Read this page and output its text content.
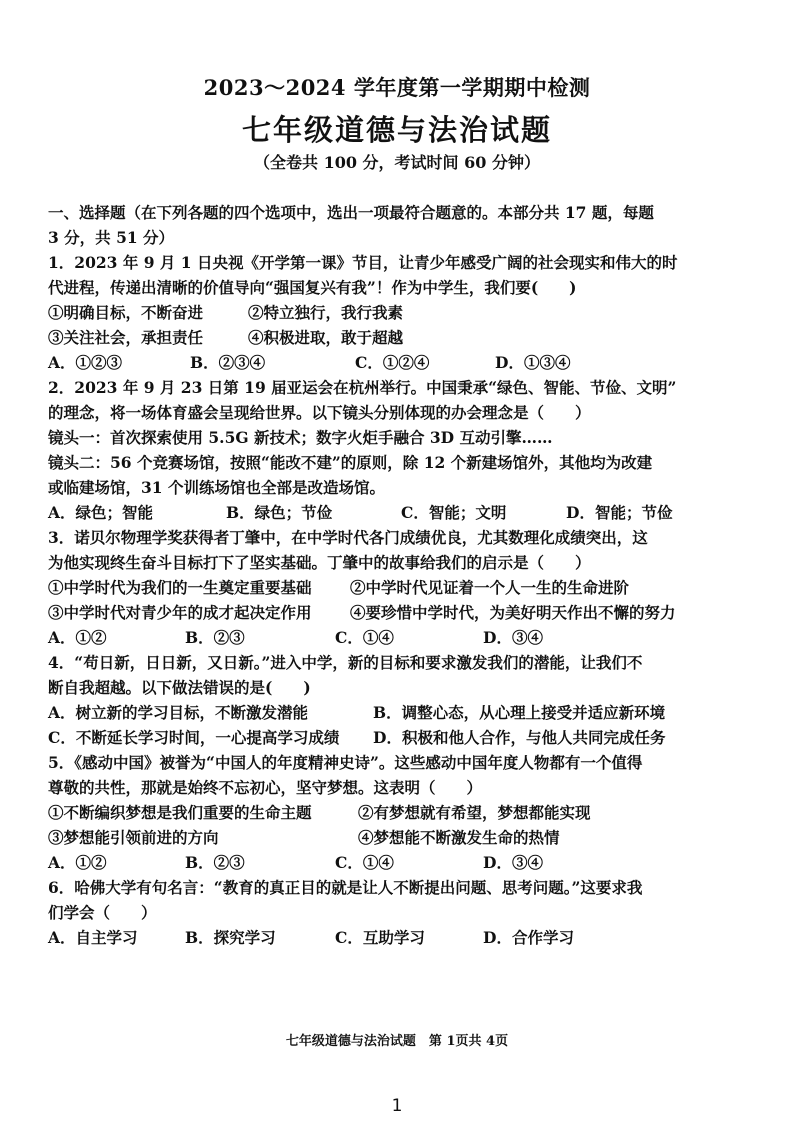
2023～2024 学年度第一学期期中检测
七年级道德与法治试题
（全卷共 100 分，考试时间 60 分钟）
一、选择题（在下列各题的四个选项中，选出一项最符合题意的。本部分共 17 题，每题
3 分，共 51 分）
1．2023 年 9 月 1 日央视《开学第一课》节目，让青少年感受广阔的社会现实和伟大的时
代进程，传递出清晰的价值导向“强国复兴有我”！作为中学生，我们要(　　)
①明确目标，不断奋进	②特立独行，我行我素
③关注社会，承担责任	④积极进取，敢于超越
A．①②③	B．②③④	C．①②④	D．①③④
2．2023 年 9 月 23 日第 19 届亚运会在杭州举行。中国秉承“绿色、智能、节俭、文明”
的理念，将一场体育盛会呈现给世界。以下镜头分别体现的办会理念是（　　）
镜头一：首次探索使用 5.5G 新技术；数字火炬手融合 3D 互动引擎……
镜头二：56 个竞赛场馆，按照“能改不建”的原则，除 12 个新建场馆外，其他均为改建
或临建场馆，31 个训练场馆也全部是改造场馆。
A．绿色；智能	B．绿色；节俭	C．智能；文明	D．智能；节俭
3．诺贝尔物理学奖获得者丁肇中，在中学时代各门成绩优良，尤其数理化成绩突出，这
为他实现终生奋斗目标打下了坚实基础。丁肇中的故事给我们的启示是（　　）
①中学时代为我们的一生奠定重要基础	②中学时代见证着一个人一生的生命进阶
③中学时代对青少年的成才起决定作用	④要珍惜中学时代，为美好明天作出不懈的努力
A．①②	B．②③	C．①④	D．③④
4．“苟日新，日日新，又日新。”进入中学，新的目标和要求激发我们的潜能，让我们不
断自我超越。以下做法错误的是(　　)
A．树立新的学习目标，不断激发潜能	B．调整心态，从心理上接受并适应新环境
C．不断延长学习时间，一心提高学习成绩	D．积极和他人合作，与他人共同完成任务
5．《感动中国》被誉为“中国人的年度精神史诗”。这些感动中国年度人物都有一个值得
尊敬的共性，那就是始终不忘初心，坚守梦想。这表明（　　）
①不断编织梦想是我们重要的生命主题	②有梦想就有希望，梦想都能实现
③梦想能引领前进的方向	④梦想能不断激发生命的热情
A．①②	B．②③	C．①④	D．③④
6．哈佛大学有句名言：“教育的真正目的就是让人不断提出问题、思考问题。”这要求我
们学会（　　）
A．自主学习	B．探究学习	C．互助学习	D．合作学习
七年级道德与法治试题　第 1页共 4页
1
